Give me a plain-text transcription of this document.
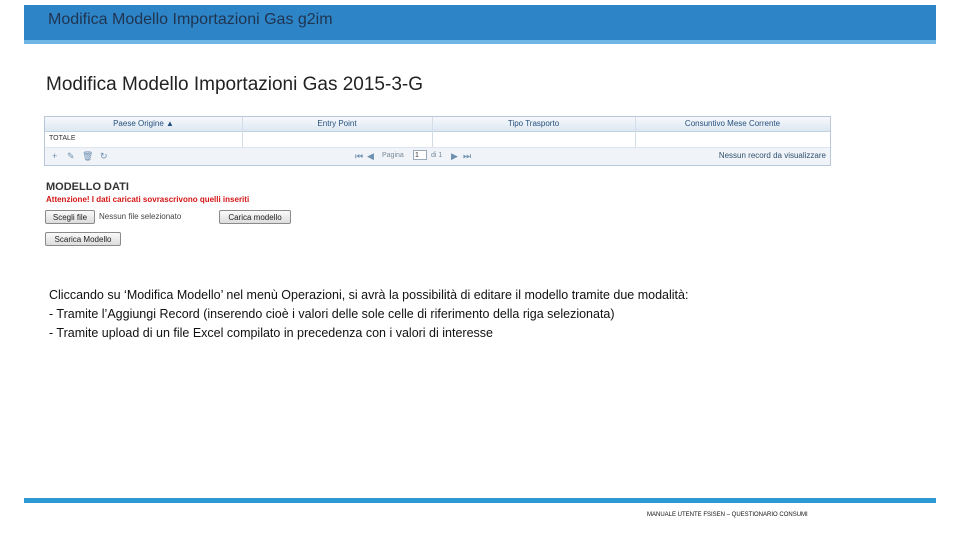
Modifica Modello Importazioni Gas g2im
Modifica Modello Importazioni Gas 2015-3-G
Paese Origine ▲	Entry Point	Tipo Trasporto	Consuntivo Mese Corrente
TOTALE
+ ✎ 🗑 ↻	⏮ ◀ Pagina
1	di 1 ▶ ⏭	Nessun record da visualizzare
MODELLO DATI
Attenzione! I dati caricati sovrascrivono quelli inseriti
Scegli file	Nessun file selezionato	Carica modello
Scarica Modello
Cliccando su ‘Modifica Modello’ nel menù Operazioni, si avrà la possibilità di editare il modello tramite due modalità:
- Tramite l’Aggiungi Record (inserendo cioè i valori delle sole celle di riferimento della riga selezionata)
- Tramite upload di un file Excel compilato in precedenza con i valori di interesse
MANUALE UTENTE FSISEN – QUESTIONARIO CONSUMI
